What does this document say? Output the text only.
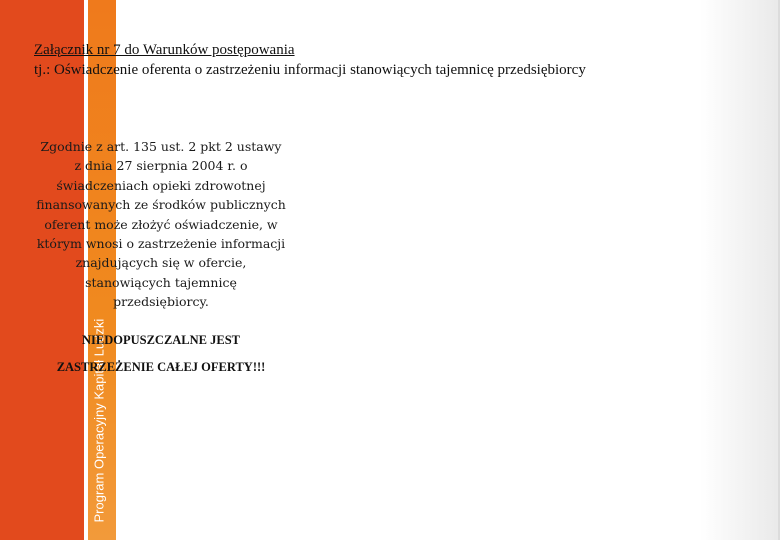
Program Operacyjny Kapitał Ludzki
Załącznik nr 7 do Warunków postępowania
tj.: Oświadczenie oferenta o zastrzeżeniu informacji stanowiących tajemnicę przedsiębiorcy
Zgodnie z art. 135 ust. 2 pkt 2 ustawy z dnia 27 sierpnia 2004 r. o świadczeniach opieki zdrowotnej finansowanych ze środków publicznych oferent może złożyć oświadczenie, w którym wnosi o zastrzeżenie informacji znajdujących się w ofercie, stanowiących tajemnicę przedsiębiorcy.
NIEDOPUSZCZALNE JEST
ZASTRZEŻENIE CAŁEJ OFERTY!!!
